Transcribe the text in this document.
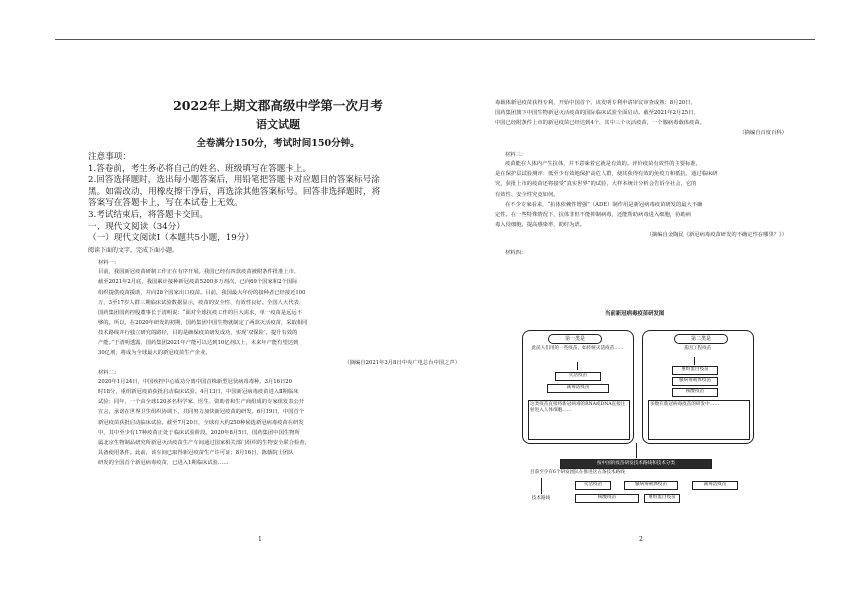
2022年上期文郡高级中学第一次月考
语文试题
全卷满分150分，考试时间150分钟。

注意事项：

1.答卷前，考生务必将自己的姓名、班级填写在答题卡上。

2.回答选择题时，选出每小题答案后，用铅笔把答题卡对应题目的答案标号涂

黑。如需改动，用橡皮擦干净后，再选涂其他答案标号。回答非选择题时，将

答案写在答题卡上，写在本试卷上无效。

3.考试结束后，将答题卡交回。

一、现代文阅读（34分）

（一）现代文阅读Ⅰ（本题共5小题，19分）

阅读下面的文字，完成下面小题。

材料一：

目前，我国新冠疫苗研制工作正在有序开展。我国已经有四款疫苗被附条件批准上市，

截至2021年2月底，我国累计接种新冠疫苗5200多万剂次，已向69个国家和2个国际

组织提供疫苗援助，并向28个国家出口疫苗。目前，我国最大年份的接种者已经接近100

万，3至17岁人群三期临床试验数据显示，疫苗的安全性、有效性良好。全国人大代表、

国药集团国药控股董事长于清明说：“面对全球抗疫工作的巨大需求，单一疫苗是远远不

够的。所以，在2020年研发的初期，国药集团中国生物就制定了两款灭活疫苗，采取相同

技术路线并行独立研究的路径，目的是确保疫苗研发成功，实现‘双保险’，提升有效的

产能。”于清明透露，国药集团2021年产能可以达到10亿剂以上，未来年产能有望达到

30亿剂，将成为全球最大的新冠疫苗生产企业。

（摘编自2021年3月8日中央广电总台中国之声）
材料二：

2020年1月24日，中国疾控中心成功分离中国首株新型冠状病毒毒种。3月16日20

时18分，重组新冠疫苗获批启动临床试验。4月13日，中国新冠病毒疫苗进入Ⅱ期临床

试验；同年，一个由全球120多名科学家、医生、资助者和生产商组成的专家组发表公开

宣言，承诺在世界卫生组织协调下，共同努力加快新冠疫苗的研发。6月19日，中国首个

新冠疫苗获批启动临床试验。截至7月20日，全球有大约250种候选新冠病毒疫苗在研发

中，其中至少有17种疫苗正处于临床试验阶段。2020年8月5日，国药集团中国生物所

属北京生物制品研究所新冠灭活疫苗生产车间通过国家相关部门组织的生物安全联合检查，

具备使用条件。此前，该车间已取得新冠疫苗生产许可证；8月16日，陈薇院士团队

研发的全国首个新冠病毒疫苗，已进入1期临床试验……

1

毒载体新冠疫苗获得专利，开始中国首个、该发明专利申请审议审查成熟：8月20日，

国药集团旗下中国生物新冠灭活疫苗的国际临床试验全面启动。截至2021年2月25日，

中国已经附条件上市的新冠疫苗已经达到4个，其中三个灭活疫苗，一个腺病毒载体疫苗。

（摘编自百度百科）
材料三：

疫苗能在人体内产生抗体，并不意味着它就是有效的。评价疫苗有效性的主要标准，

是在保护层试验测评：低至少有效地保护高危人群，使其获得有效的免疫力和抵抗，通过临床研

究，获批上市的疫苗还将接受“真实世界”的试验，大样本统计分析会告诉全社会，它的

有效性、安全性究竟如何。

在不少专家看来，“抗体依赖性增强”（ADE）制作用是新冠病毒疫苗研发的最大不确

定性。在一些特殊情况下，抗体非但不能抑制病毒，还能帮助病毒进入细胞，协助病

毒入侵细胞，提高感染率，助纣为虐。

（摘编自金陶民《新冠病毒疫苗研发的不确定性在哪里？》）
材料四：
当前新冠病毒疫苗研发图
第一类是	第二类是
此前人们用的一些疫苗，如传统灭活疫苗……	基因工程疫苗
灭活疫苗
减毒活疫苗
重组蛋白疫苗
腺病毒载体疫苗
核酸疫苗
这类疫苗直接将新冠病毒的RNA或DNA直接注射进入人体细胞……
多数在新冠病毒疫苗的研发中……
按中国的疫苗研发技术路线和技术分类
目前至少有6个研发团队在推进这五条技术路线
技术路线
灭活疫苗	腺病毒载体疫苗	减毒活疫苗
核酸疫苗	重组蛋白疫苗
2
